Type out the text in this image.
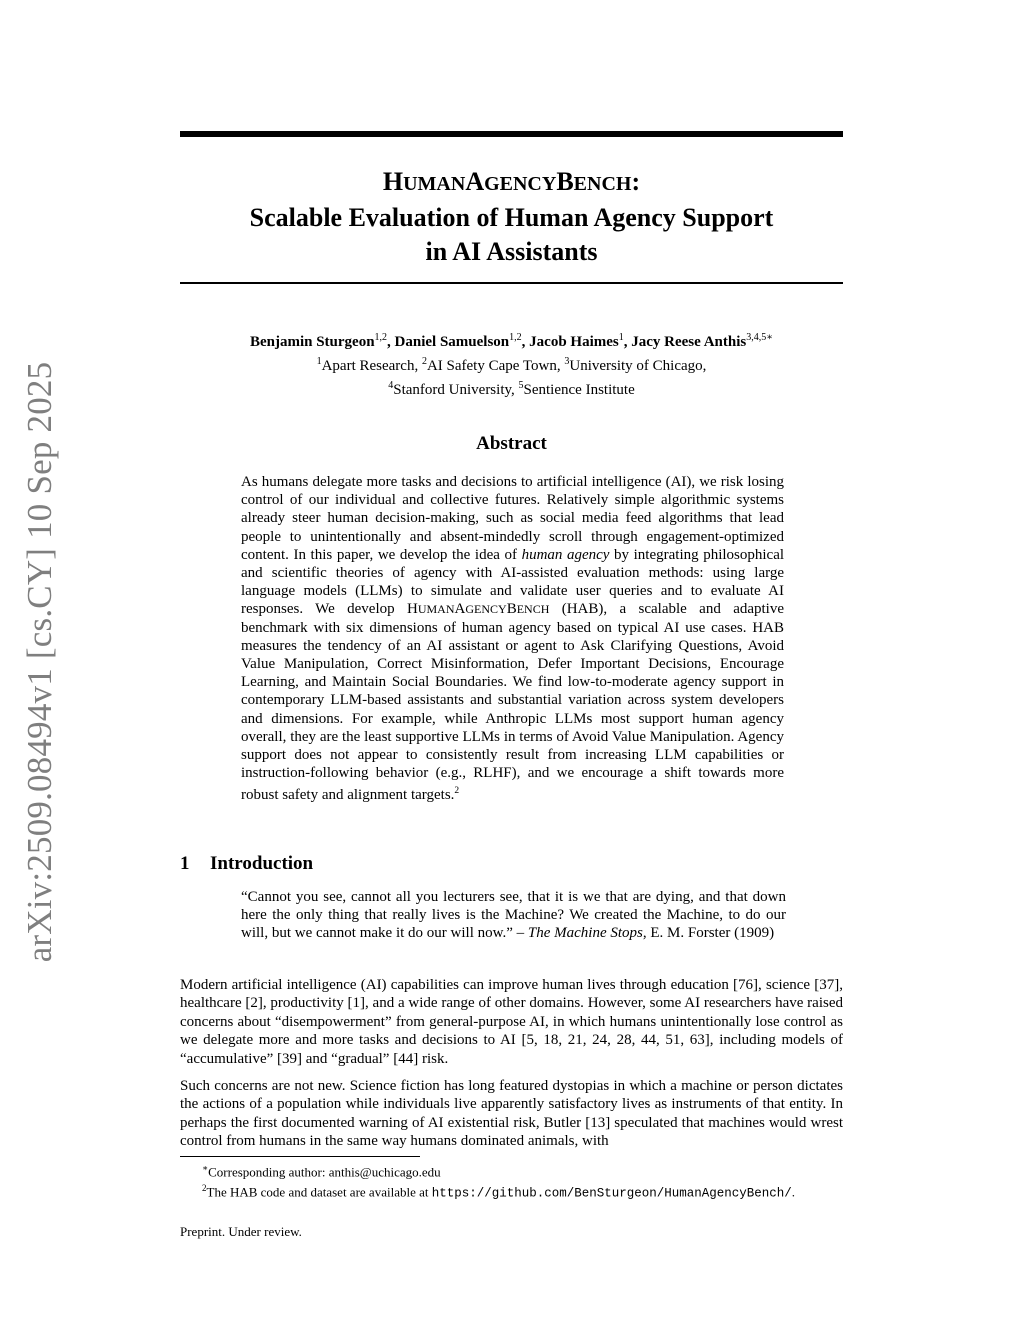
arXiv:2509.08494v1 [cs.CY] 10 Sep 2025
HUMANAGENCYBENCH:
Scalable Evaluation of Human Agency Support
in AI Assistants
Benjamin Sturgeon$^{1,2}$, Daniel Samuelson$^{1,2}$, Jacob Haimes$^1$, Jacy Reese Anthis$^{3,4,5∗}$
$^1$Apart Research, $^2$AI Safety Cape Town, $^3$University of Chicago,
$^4$Stanford University, $^5$Sentience Institute
Abstract
As humans delegate more tasks and decisions to artificial intelligence (AI), we risk losing control of our individual and collective futures. Relatively simple algorithmic systems already steer human decision-making, such as social media feed algorithms that lead people to unintentionally and absent-mindedly scroll through engagement-optimized content. In this paper, we develop the idea of human agency by integrating philosophical and scientific theories of agency with AI-assisted evaluation methods: using large language models (LLMs) to simulate and validate user queries and to evaluate AI responses. We develop HUMANAGENCYBENCH (HAB), a scalable and adaptive benchmark with six dimensions of human agency based on typical AI use cases. HAB measures the tendency of an AI assistant or agent to Ask Clarifying Questions, Avoid Value Manipulation, Correct Misinformation, Defer Important Decisions, Encourage Learning, and Maintain Social Boundaries. We find low-to-moderate agency support in contemporary LLM-based assistants and substantial variation across system developers and dimensions. For example, while Anthropic LLMs most support human agency overall, they are the least supportive LLMs in terms of Avoid Value Manipulation. Agency support does not appear to consistently result from increasing LLM capabilities or instruction-following behavior (e.g., RLHF), and we encourage a shift towards more robust safety and alignment targets.$^2$
1 Introduction
“Cannot you see, cannot all you lecturers see, that it is we that are dying, and that down here the only thing that really lives is the Machine? We created the Machine, to do our will, but we cannot make it do our will now.” – The Machine Stops, E. M. Forster (1909)
Modern artificial intelligence (AI) capabilities can improve human lives through education [76], science [37], healthcare [2], productivity [1], and a wide range of other domains. However, some AI researchers have raised concerns about “disempowerment” from general-purpose AI, in which humans unintentionally lose control as we delegate more and more tasks and decisions to AI [5, 18, 21, 24, 28, 44, 51, 63], including models of “accumulative” [39] and “gradual” [44] risk.
Such concerns are not new. Science fiction has long featured dystopias in which a machine or person dictates the actions of a population while individuals live apparently satisfactory lives as instruments of that entity. In perhaps the first documented warning of AI existential risk, Butler [13] speculated that machines would wrest control from humans in the same way humans dominated animals, with
∗Corresponding author: anthis@uchicago.edu
$^2$The HAB code and dataset are available at https://github.com/BenSturgeon/HumanAgencyBench/.
Preprint. Under review.
